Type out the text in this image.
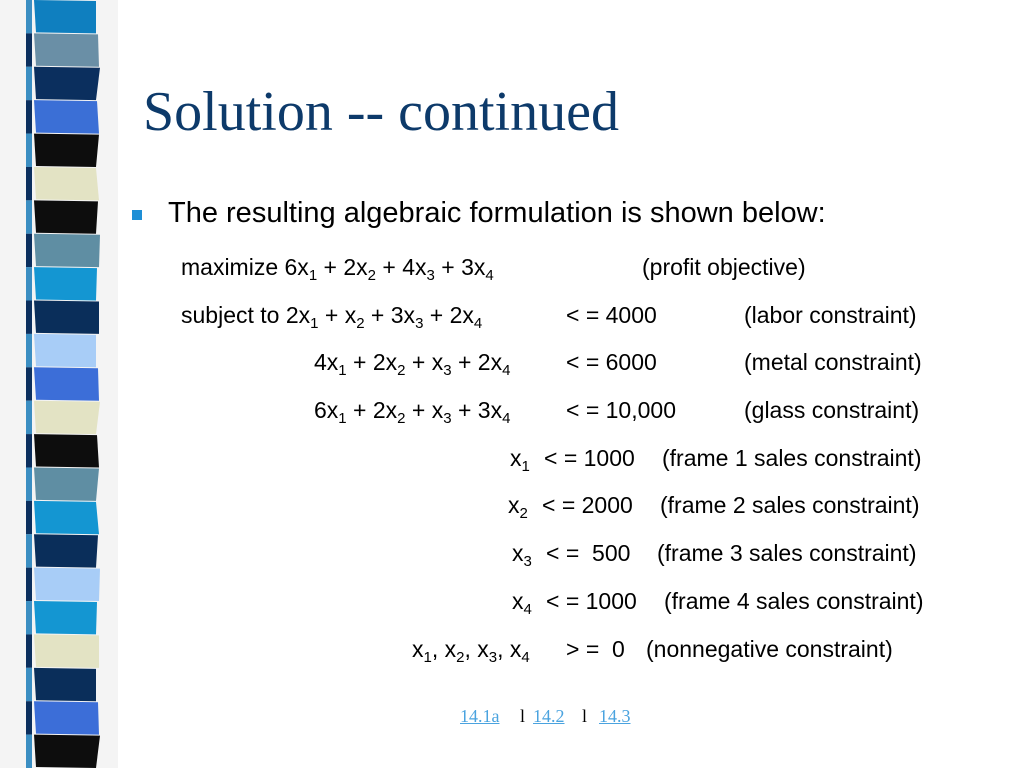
Solution -- continued
The resulting algebraic formulation is shown below:
maximize $6x_1 + 2x_2 + 4x_3 + 3x_4$	(profit objective)
subject to $2x_1 + x_2 + 3x_3 + 2x_4$	< = 4000	(labor constraint)
$4x_1 + 2x_2 + x_3 + 2x_4$ < = 6000	(metal constraint)
$6x_1 + 2x_2 + x_3 + 3x_4$ < = 10,000	(glass constraint)
$x_1$ < = 1000 (frame 1 sales constraint)
$x_2$ < = 2000 (frame 2 sales constraint)
$x_3$ < =  500 (frame 3 sales constraint)
$x_4$ < = 1000 (frame 4 sales constraint)
$x_1$, $x_2$, $x_3$, $x_4$ > =  0 (nonnegative constraint)
14.1a l 14.2 l 14.3
